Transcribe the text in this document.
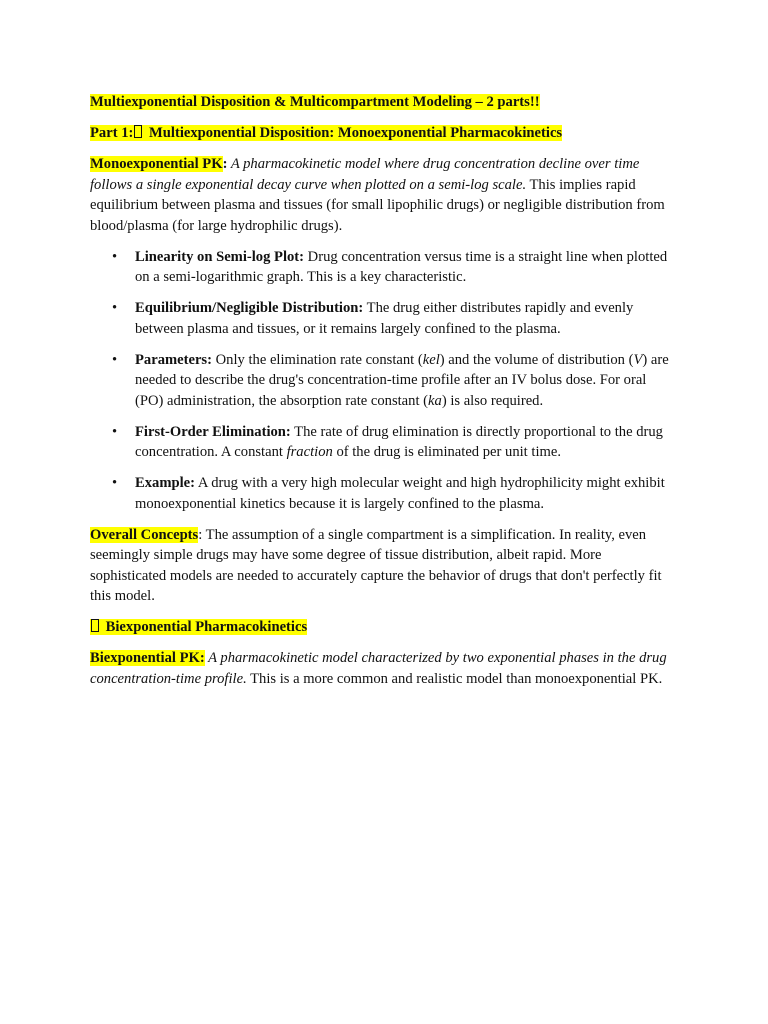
Multiexponential Disposition & Multicompartment Modeling – 2 parts!!

Part 1: Multiexponential Disposition: Monoexponential Pharmacokinetics

Monoexponential PK: A pharmacokinetic model where drug concentration decline over time follows a single exponential decay curve when plotted on a semi-log scale. This implies rapid equilibrium between plasma and tissues (for small lipophilic drugs) or negligible distribution from blood/plasma (for large hydrophilic drugs).

• Linearity on Semi-log Plot: Drug concentration versus time is a straight line when plotted on a semi-logarithmic graph. This is a key characteristic.
• Equilibrium/Negligible Distribution: The drug either distributes rapidly and evenly between plasma and tissues, or it remains largely confined to the plasma.
• Parameters: Only the elimination rate constant (kel) and the volume of distribution (V) are needed to describe the drug's concentration-time profile after an IV bolus dose. For oral (PO) administration, the absorption rate constant (ka) is also required.
• First-Order Elimination: The rate of drug elimination is directly proportional to the drug concentration. A constant fraction of the drug is eliminated per unit time.
• Example: A drug with a very high molecular weight and high hydrophilicity might exhibit monoexponential kinetics because it is largely confined to the plasma.

Overall Concepts: The assumption of a single compartment is a simplification. In reality, even seemingly simple drugs may have some degree of tissue distribution, albeit rapid. More sophisticated models are needed to accurately capture the behavior of drugs that don't perfectly fit this model.

Biexponential Pharmacokinetics

Biexponential PK: A pharmacokinetic model characterized by two exponential phases in the drug concentration-time profile. This is a more common and realistic model than monoexponential PK.
